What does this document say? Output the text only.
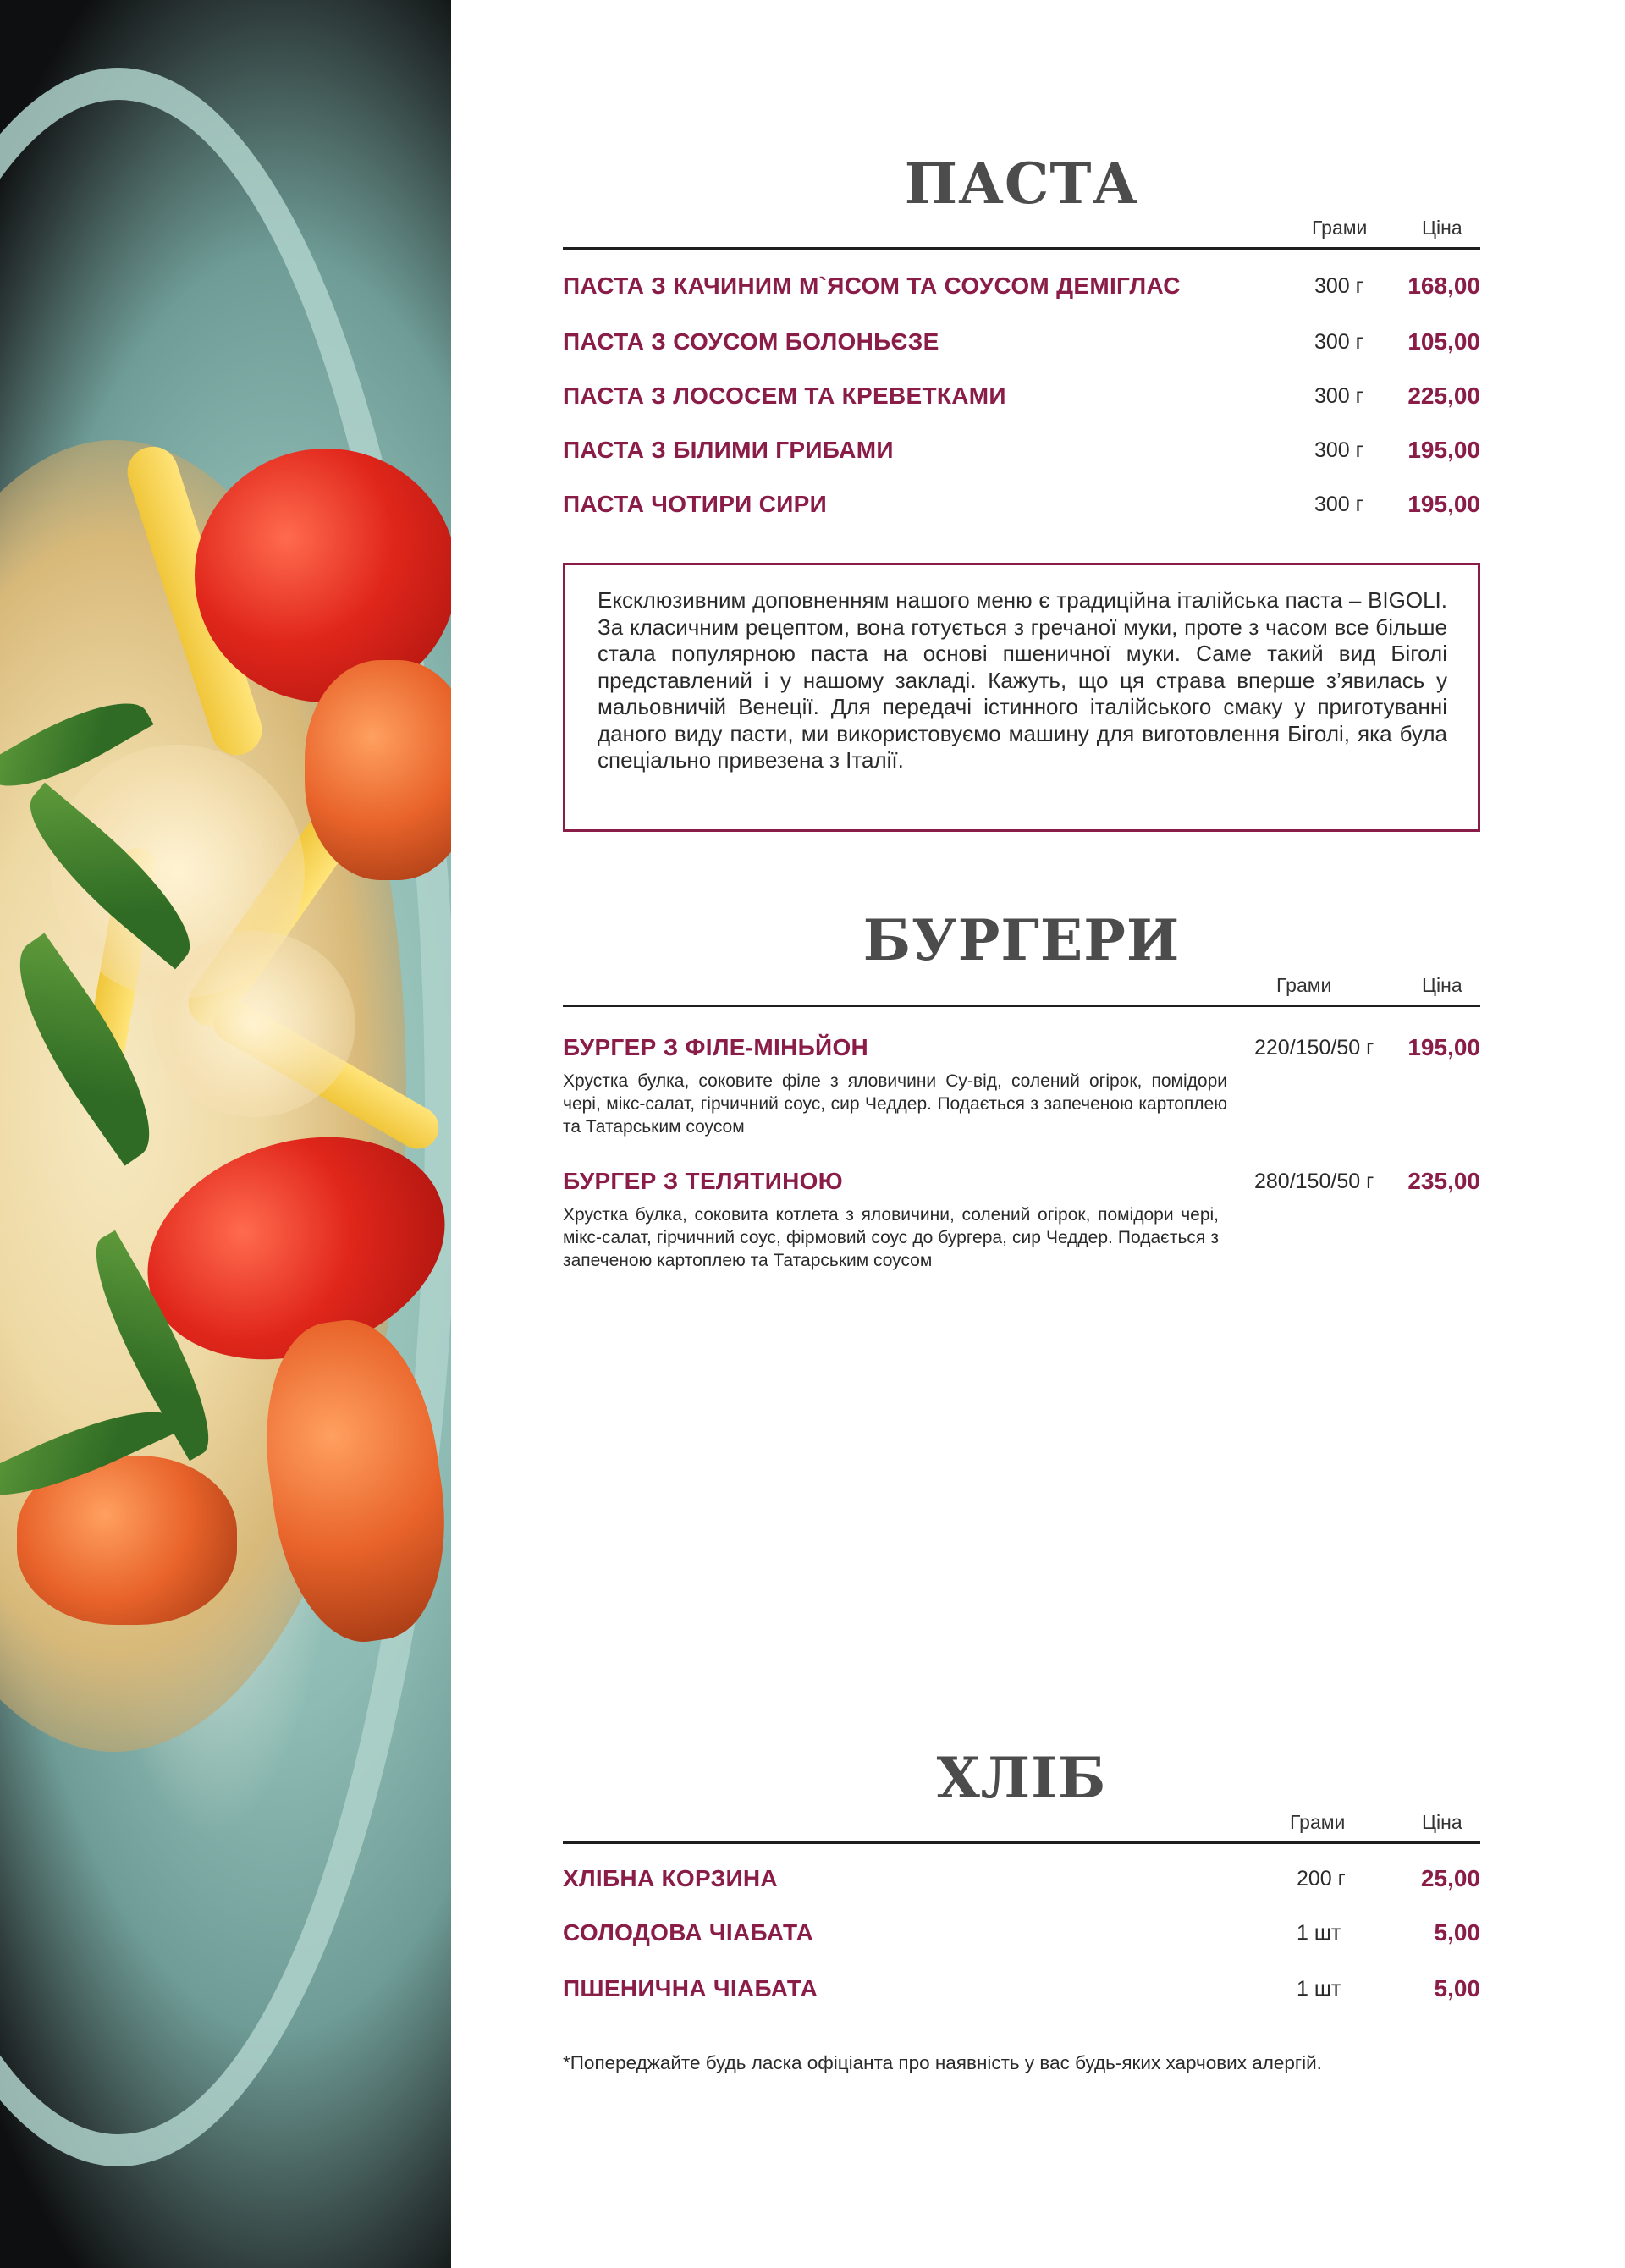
ПАСТА
Грами	Ціна
ПАСТА З КАЧИНИМ М`ЯСОМ ТА СОУСОМ ДЕМІГЛАС	300 г 168,00
ПАСТА З СОУСОМ БОЛОНЬЄЗЕ	300 г 105,00
ПАСТА З ЛОСОСЕМ ТА КРЕВЕТКАМИ	300 г 225,00
ПАСТА З БІЛИМИ ГРИБАМИ	300 г 195,00
ПАСТА ЧОТИРИ СИРИ	300 г 195,00
Ексклюзивним доповненням нашого меню є традиційна італійська паста – BIGOLI. За класичним рецептом, вона готується з гречаної муки, проте з часом все більше стала популярною паста на основі пшеничної муки. Саме такий вид Біголі представлений і у нашому закладі. Кажуть, що ця страва вперше з’явилась у мальовничій Венеції. Для передачі істинного італійського смаку у приготуванні даного виду пасти, ми використовуємо машину для виготовлення Біголі, яка була спеціально привезена з Італії.
БУРГЕРИ
Грами	Ціна
БУРГЕР З ФІЛЕ-МІНЬЙОН	220/150/50 г 195,00
Хрустка булка, соковите філе з яловичини Су-від, солений огірок, помідори чері, мікс-салат, гірчичний соус, сир Чеддер. Подається з запеченою картоплею та Татарським соусом
БУРГЕР З ТЕЛЯТИНОЮ	280/150/50 г 235,00
Хрустка булка, соковита котлета з яловичини, солений огірок, помідори чері, мікс-салат, гірчичний соус, фірмовий соус до бургера, сир Чеддер. Подається з запеченою картоплею та Татарським соусом
ХЛІБ
Грами	Ціна
ХЛІБНА КОРЗИНА	200 г	25,00
СОЛОДОВА ЧІАБАТА	1 шт	5,00
ПШЕНИЧНА ЧІАБАТА	1 шт	5,00
*Попереджайте будь ласка офіціанта про наявність у вас будь-яких харчових алергій.
